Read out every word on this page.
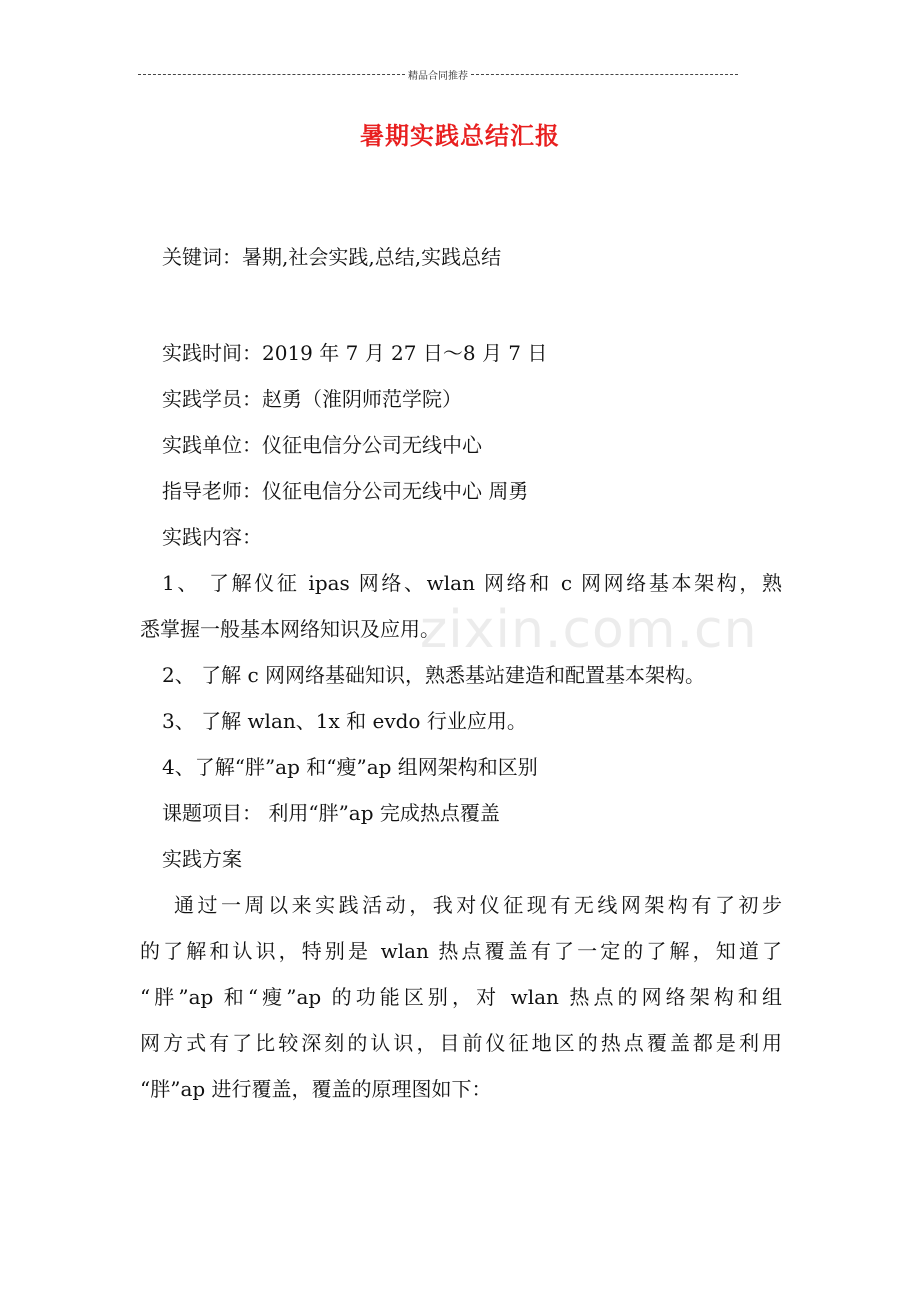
精品合同推荐
暑期实践总结汇报
关键词：暑期,社会实践,总结,实践总结
实践时间：2019 年 7 月 27 日～8 月 7 日
实践学员：赵勇（淮阴师范学院）
实践单位：仪征电信分公司无线中心
指导老师：仪征电信分公司无线中心 周勇
实践内容：
1、 了解仪征 ipas 网络、wlan 网络和 c 网网络基本架构，熟
悉掌握一般基本网络知识及应用。
2、 了解 c 网网络基础知识，熟悉基站建造和配置基本架构。
3、 了解 wlan、1x 和 evdo 行业应用。
4、了解“胖”ap 和“瘦”ap 组网架构和区别
课题项目： 利用“胖”ap 完成热点覆盖
实践方案
通过一周以来实践活动，我对仪征现有无线网架构有了初步
的了解和认识，特别是 wlan 热点覆盖有了一定的了解，知道了
“胖”ap 和“瘦”ap 的功能区别，对 wlan 热点的网络架构和组
网方式有了比较深刻的认识，目前仪征地区的热点覆盖都是利用
“胖”ap 进行覆盖，覆盖的原理图如下：
zixin.com.cn
